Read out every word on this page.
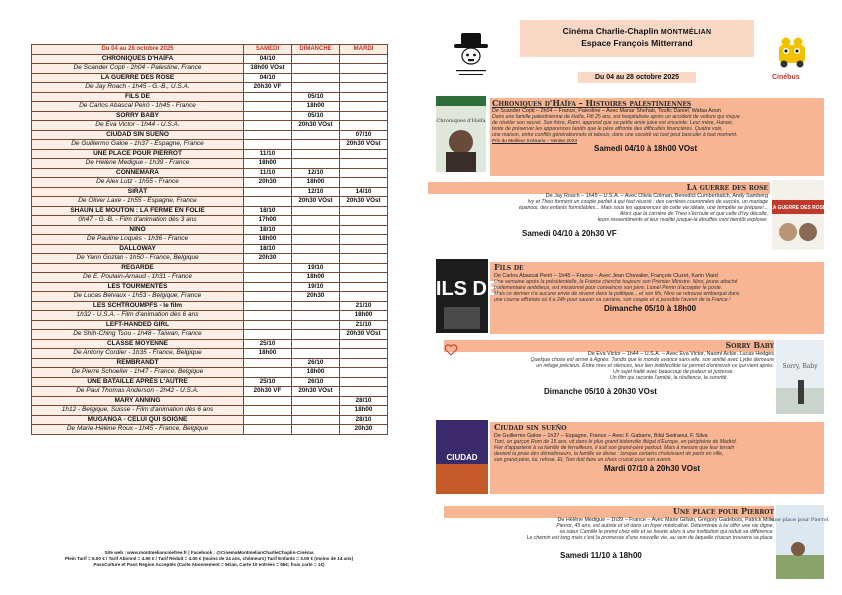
Du 04 au 28 octobre 2025	SAMEDI	DIMANCHE	MARDI
CHRONIQUES D'HAÏFA	04/10		
De Scander Copti - 2h04 - Palestine, France	18h00 VOst		
LA GUERRE DES ROSE	04/10		
De Jay Roach - 1h45 - G.-B., U.S.A.	20h30 VF		
FILS DE		05/10	
De Carlos Abascal Peirò - 1h45 - France		18h00	
SORRY BABY		05/10	
De Eva Victor - 1h44 - U.S.A.		20h30 VOst	
CIUDAD SIN SUEÑO			07/10
De Guillermo Galoe - 1h37 - Espagne, France			20h30 VOst
UNE PLACE POUR PIERROT	11/10		
De Hélène Medigue - 1h39 - France	18h00		
CONNEMARA	11/10	12/10	
De Alex Lutz - 1h55 - France	20h30	18h00	
SIRÂT		12/10	14/10
De Oliver Laxe - 1h55 - Espagne, France		20h30 VOst	20h30 VOst
SHAUN LE MOUTON : LA FERME EN FOLIE	18/10		
0h47 - G.-B. - Film d'animation dès 3 ans	17h00		
NINO	18/10		
De Pauline Loquès - 1h36 - France	18h00		
DALLOWAY	18/10		
De Yann Gozlan - 1h50 - France, Belgique	20h30		
REGARDE		19/10	
De E. Poulain-Arnaud - 1h31 - France		18h00	
LES TOURMENTÉS		19/10	
De Lucas Belvaux - 1h53 - Belgique, France		20h30	
LES SCHTROUMPFS - le film			21/10
1h32 - U.S.A. - Film d'animation dès 6 ans			18h00
LEFT-HANDED GIRL			21/10
De Shih-Ching Tsou - 1h48 - Taïwan, France			20h30 VOst
CLASSE MOYENNE	25/10		
De Antony Cordier - 1h35 - France, Belgique	18h00		
REMBRANDT		26/10	
De Pierre Schoeller - 1h47 - France, Belgique		18h00	
UNE BATAILLE APRÈS L'AUTRE	25/10	26/10	
De Paul Thomas Anderson - 2h42 - U.S.A.	20h30 VF	20h30 VOst	
MARY ANNING			28/10
1h12 - Belgique, Suisse - Film d'animation dès 6 ans			18h00
MUGANGA - CELUI QUI SOIGNE			28/10
De Marie-Hélène Roux - 1h45 - France, Belgique			20h30
Site web : www.montmeliancinefree.fr | Facebook : @CinemaMontmelianCharlieChaplin-Cinéma
Plein Tarif = 6.00 € / Tarif Abonné = 4.50 € / Tarif Réduit = 4.00 € (moins de 24 ans, chômeurs) Tarif Enfants = 3.00 € (moins de 14 ans)
PassCulture et Pass Region Acceptés (Carte Abonnement = 9€/an, Carte 10 entrées = 55€; frais carte = 1€)
Cinéma Charlie-Chaplin MONTMÉLIAN
Espace François Mitterrand
Du 04 au 28 octobre 2025	Cinébus
Chroniques d'Haïfa
Chroniques d'Haïfa – Histoires palestiniennes
De Scander Copti – 2h04 – France, Palestine – Avec Manar Shehab, Toufic Daniel, Wafaa Aoun
Dans une famille palestinienne de Haïfa, Fifi 25 ans, est hospitalisée après un accident de voiture qui risque
de révéler son secret. Son frère, Rami, apprend que sa petite amie juive est enceinte. Leur mère, Hanan,
tente de préserver les apparences tandis que le père affronte des difficultés financières. Quatre voix,
une maison, entre conflits générationnels et tabous, dans une société où tout peut basculer à tout moment.
Prix du Meilleur Scénario – Venise 2024
Samedi 04/10 à 18h00 VOst
LA GUERRE DES ROSE
La guerre des rose
De Jay Roach – 1h45 – U.S.A. – Avec Olivia Colman, Benedict Cumberbatch, Andy Samberg
Ivy et Theo forment un couple parfait à qui tout réussit : des carrières couronnées de succès, un mariage
épanoui, des enfants formidables... Mais sous les apparences de cette vie idéale, une tempête se prépare!...
Alors que la carrière de Theo s'écroule et que celle d'Ivy décolle,
leurs ressentiments et leur rivalité jusque-là étouffés vont bientôt exploser.
Samedi 04/10 à 20h30 VF
FILS DE
Fils de
De Carlos Abascal Peirò – 1h45 – France – Avec Jean Chevalier, François Cluzet, Karin Viard
Une semaine après la présidentielle, la France cherche toujours son Premier Ministre. Nino, jeune attaché
parlementaire ambitieux, est missionné pour convaincre son père, Lionel Perrin d'accepter le poste.
Mais ce dernier n'a aucune envie de revenir dans la politique... et son fils, Nino se retrouve embarqué dans
une course effrénée où il a 24h pour sauver sa carrière, son couple et si possible l'avenir de la France !
Dimanche 05/10 à 18h00
Sorry, Baby
Sorry Baby
De Eva Victor – 1h44 – U.S.A. – Avec Eva Victor, Naomi Ackie, Lucas Hedges
Quelque chose est arrivé à Agnès. Tandis que le monde avance sans elle, son amitié avec Lydie demeure
un refuge précieux. Entre rires et silences, leur lien indéfectible lui permet d'entrevoir ce qui vient après.
Un sujet traité avec beaucoup de pudeur et justesse.
Un film qui raconte l'amitié, la résilience, la sororité.
Dimanche 05/10 à 20h30 VOst
CIUDAD
Ciudad sin sueño
De Guillermo Galoe – 1h37 – Espagne, France – Avec F. Gabarre, Bilal Sedraoui, F. Silva
Toni, un garçon Rom de 15 ans, vit dans le plus grand bidonville illégal d'Europe, en périphérie de Madrid.
Fier d'appartenir à sa famille de ferrailleurs, il suit son grand-père partout. Mais à mesure que leur terrain
devient la proie des démolisseurs, la famille se divise : lorsque certains choisissent de partir en ville,
son grand-père, lui, refuse. Et, Toni doit faire un choix crucial pour son avenir.
Mardi 07/10 à 20h30 VOst
une place pour Pierrot
Une place pour Pierrot
De Hélène Medigue – 1h39 – France – Avec Marie Gillain, Grégory Gadebois, Patrick Mille
Pierrot, 45 ans, est autiste et vit dans un foyer médicalisé. Déterminée à lui offrir une vie digne,
sa sœur Camille le prend chez elle et se heurte alors à une institution qui réduit sa différence.
Le chemin est long mais c'est la promesse d'une nouvelle vie, au sein de laquelle chacun trouvera sa place.
Samedi 11/10 à 18h00
